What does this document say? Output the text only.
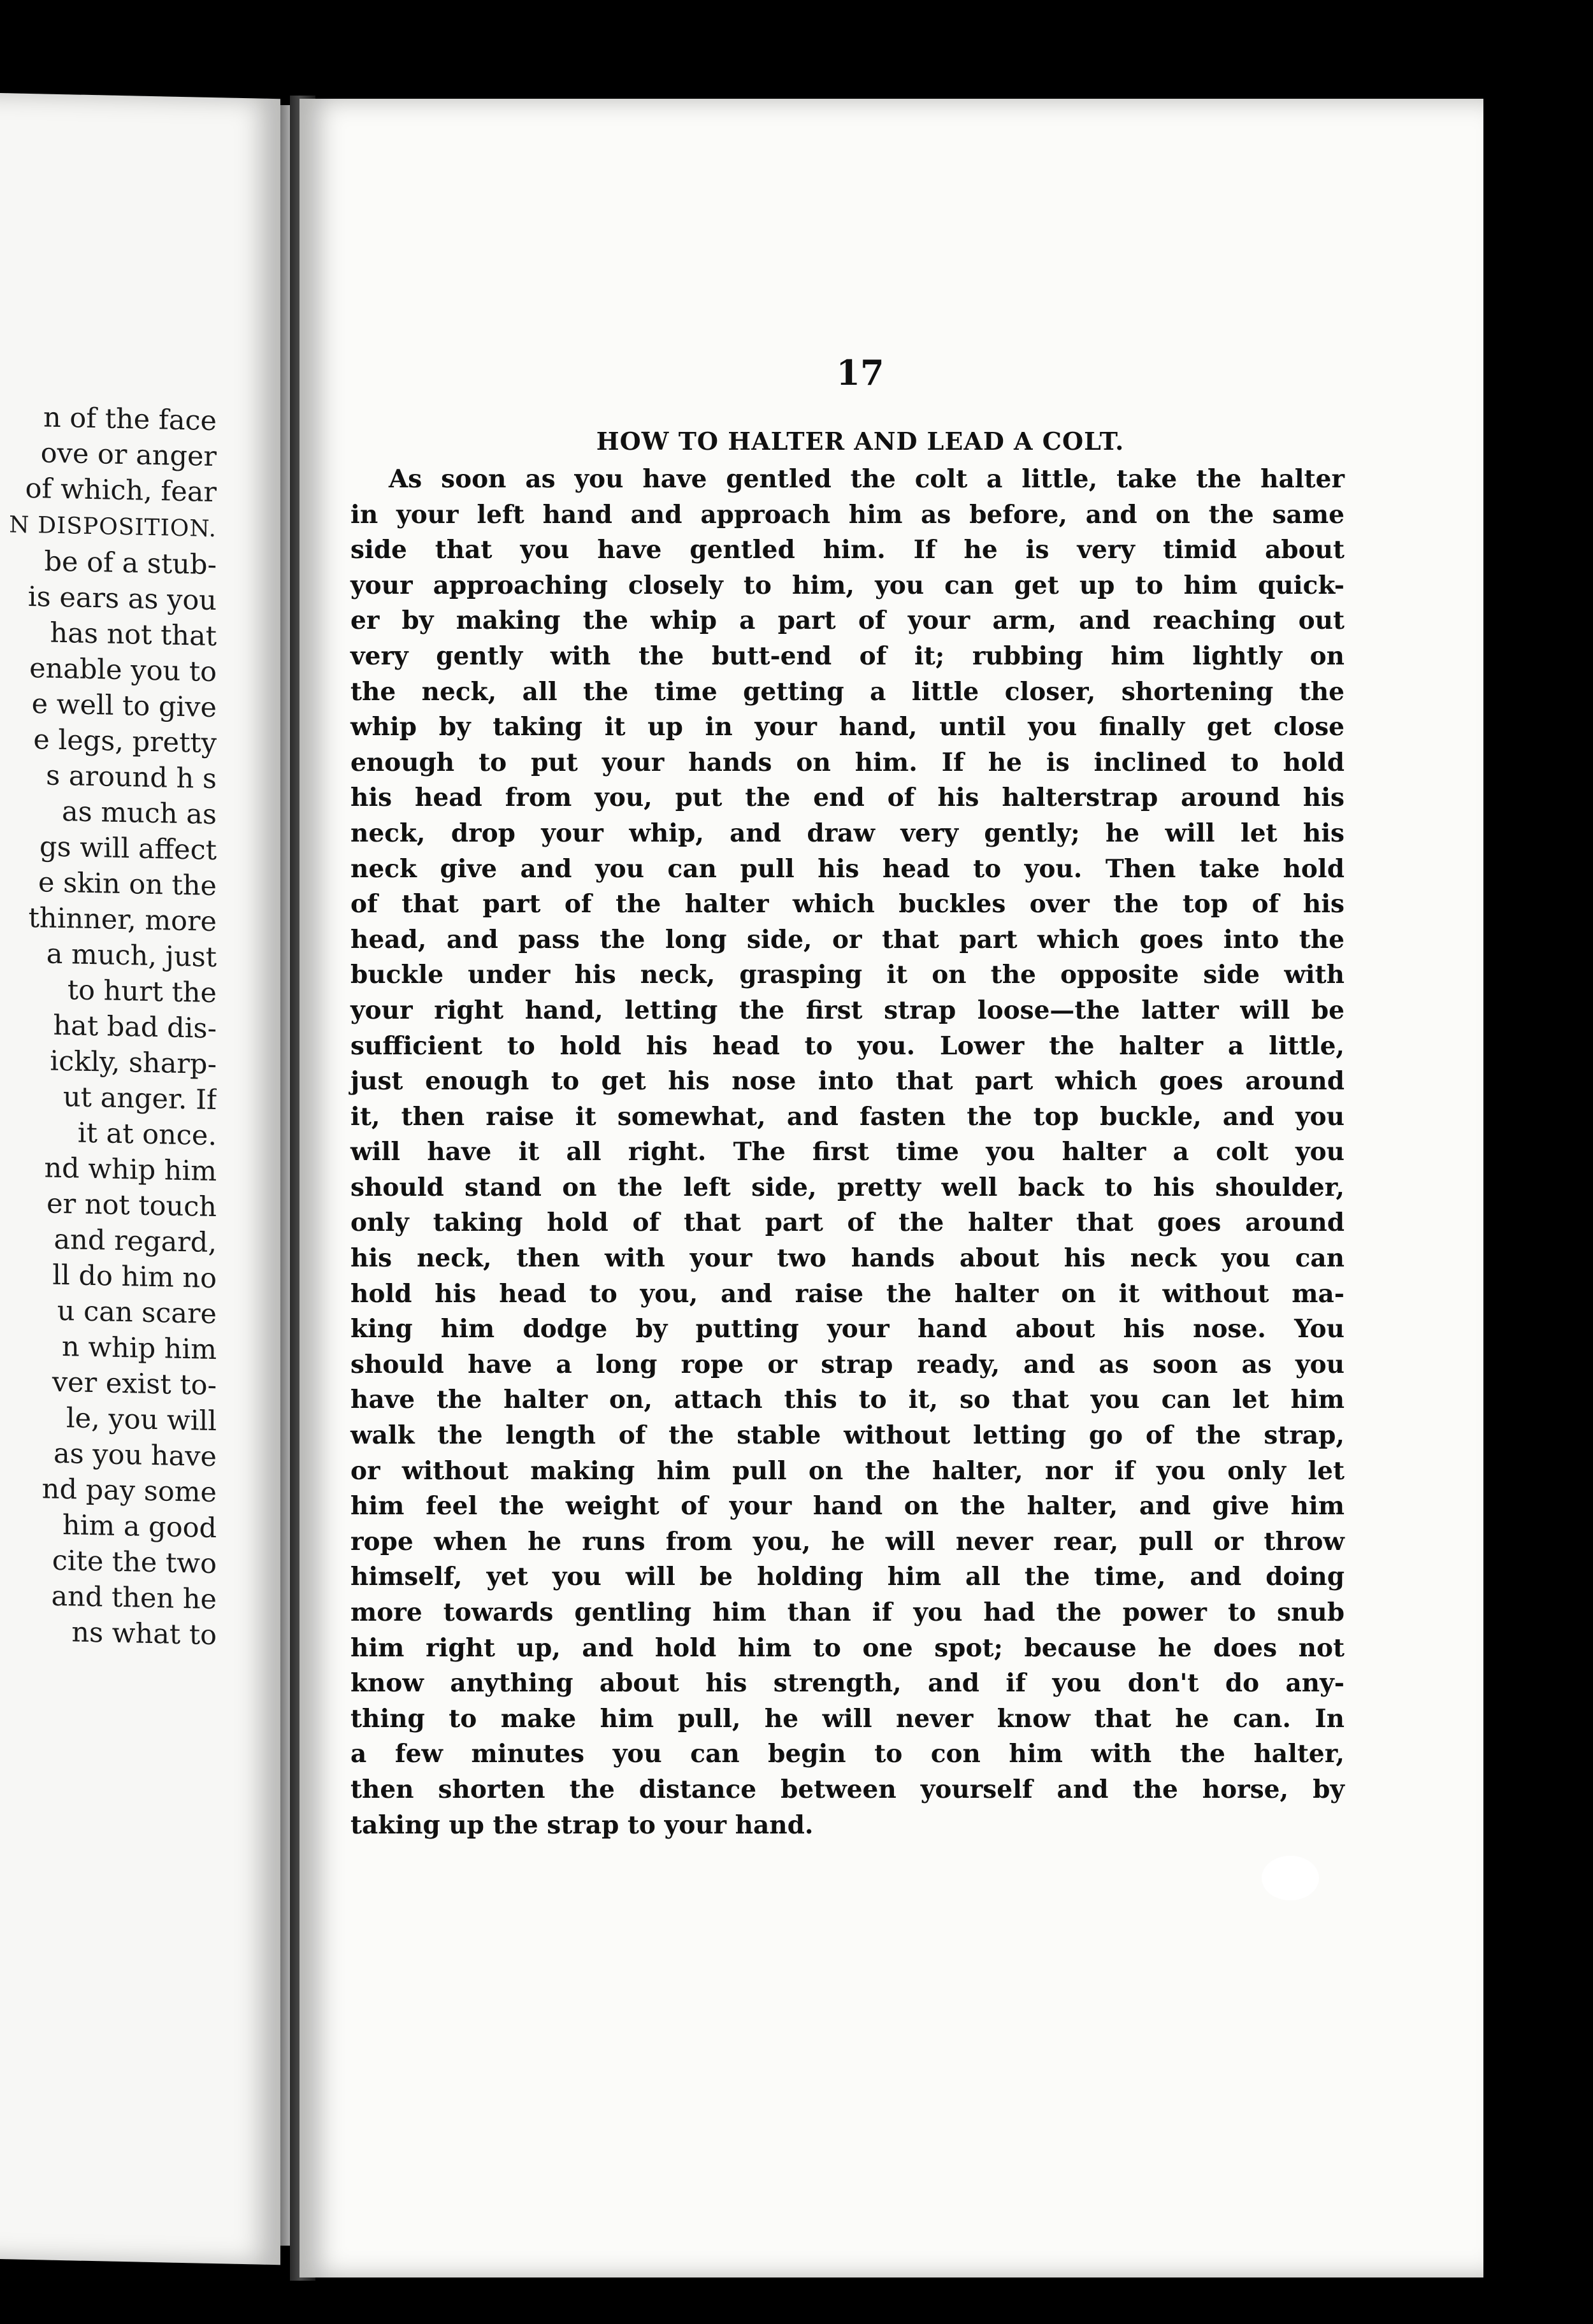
n of the face
ove or anger
of which, fear
N DISPOSITION.
be of a stub-
is ears as you
has not that
enable you to
e well to give
e legs, pretty
s around h s
as much as
gs will affect
e skin on the
thinner, more
a much, just
to hurt the
hat bad dis-
ickly, sharp-
ut anger. If
it at once.
nd whip him
er not touch
and regard,
ll do him no
u can scare
n whip him
ver exist to-
le, you will
as you have
nd pay some
him a good
cite the two
and then he
ns what to
17
HOW TO HALTER AND LEAD A COLT.
As soon as you have gentled the colt a little, take the halter
in your left hand and approach him as before, and on the same
side that you have gentled him. If he is very timid about
your approaching closely to him, you can get up to him quick-
er by making the whip a part of your arm, and reaching out
very gently with the butt-end of it; rubbing him lightly on
the neck, all the time getting a little closer, shortening the
whip by taking it up in your hand, until you finally get close
enough to put your hands on him. If he is inclined to hold
his head from you, put the end of his halterstrap around his
neck, drop your whip, and draw very gently; he will let his
neck give and you can pull his head to you. Then take hold
of that part of the halter which buckles over the top of his
head, and pass the long side, or that part which goes into the
buckle under his neck, grasping it on the opposite side with
your right hand, letting the first strap loose—the latter will be
sufficient to hold his head to you. Lower the halter a little,
just enough to get his nose into that part which goes around
it, then raise it somewhat, and fasten the top buckle, and you
will have it all right. The first time you halter a colt you
should stand on the left side, pretty well back to his shoulder,
only taking hold of that part of the halter that goes around
his neck, then with your two hands about his neck you can
hold his head to you, and raise the halter on it without ma-
king him dodge by putting your hand about his nose. You
should have a long rope or strap ready, and as soon as you
have the halter on, attach this to it, so that you can let him
walk the length of the stable without letting go of the strap,
or without making him pull on the halter, nor if you only let
him feel the weight of your hand on the halter, and give him
rope when he runs from you, he will never rear, pull or throw
himself, yet you will be holding him all the time, and doing
more towards gentling him than if you had the power to snub
him right up, and hold him to one spot; because he does not
know anything about his strength, and if you don't do any-
thing to make him pull, he will never know that he can. In
a few minutes you can begin to con him with the halter,
then shorten the distance between yourself and the horse, by
taking up the strap to your hand.
